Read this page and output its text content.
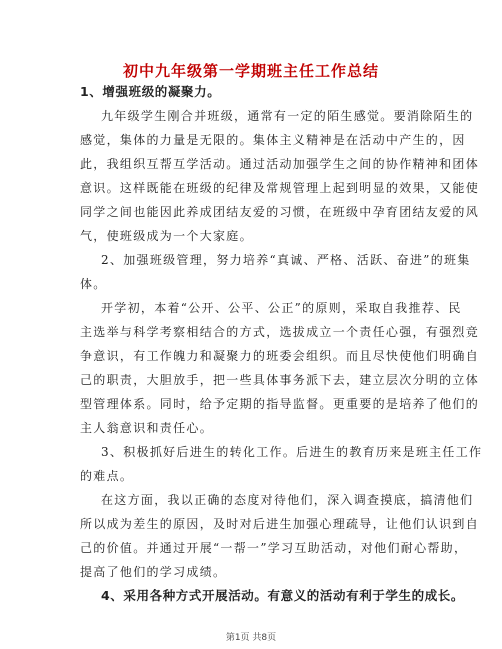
初中九年级第一学期班主任工作总结
1、增强班级的凝聚力。
九年级学生刚合并班级，通常有一定的陌生感觉。要消除陌生的
感觉，集体的力量是无限的。集体主义精神是在活动中产生的，因
此，我组织互帮互学活动。通过活动加强学生之间的协作精神和团体
意识。这样既能在班级的纪律及常规管理上起到明显的效果，又能使
同学之间也能因此养成团结友爱的习惯，在班级中孕育团结友爱的风
气，使班级成为一个大家庭。
2、加强班级管理，努力培养“真诚、严格、活跃、奋进”的班集
体。
开学初，本着“公开、公平、公正”的原则，采取自我推荐、民
主选举与科学考察相结合的方式，选拔成立一个责任心强，有强烈竞
争意识，有工作魄力和凝聚力的班委会组织。而且尽快使他们明确自
己的职责，大胆放手，把一些具体事务派下去，建立层次分明的立体
型管理体系。同时，给予定期的指导监督。更重要的是培养了他们的
主人翁意识和责任心。
3、积极抓好后进生的转化工作。后进生的教育历来是班主任工作
的难点。
在这方面，我以正确的态度对待他们，深入调查摸底，搞清他们
所以成为差生的原因，及时对后进生加强心理疏导，让他们认识到自
己的价值。并通过开展“一帮一”学习互助活动，对他们耐心帮助，
提高了他们的学习成绩。
4、采用各种方式开展活动。有意义的活动有利于学生的成长。
第1页 共8页
